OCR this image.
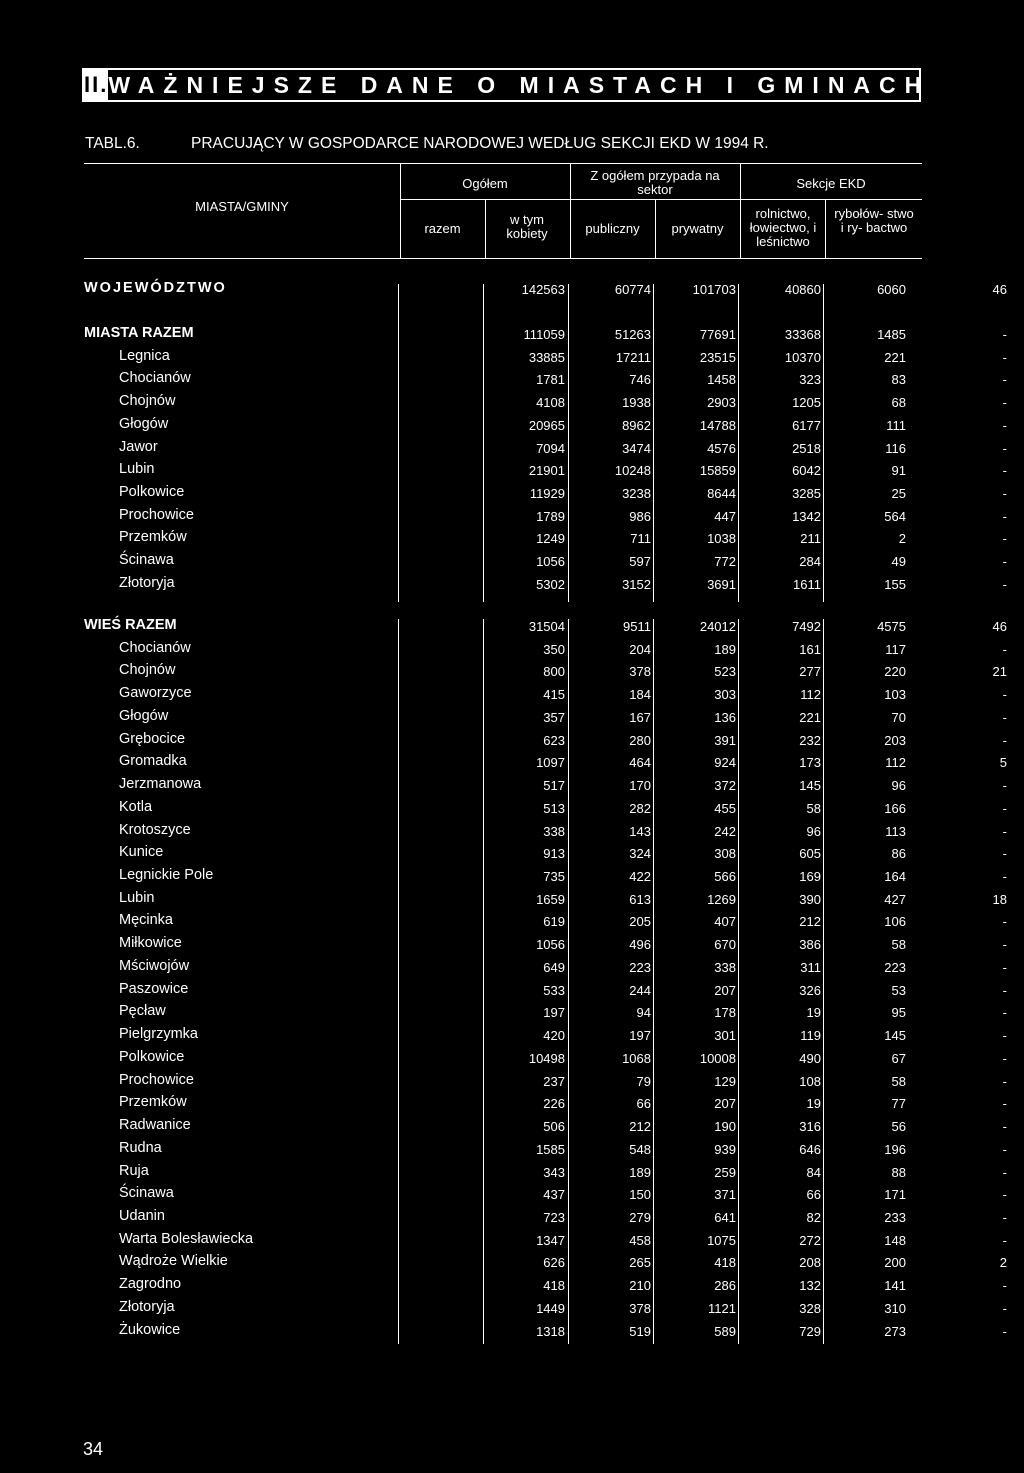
II. WAŻNIEJSZE DANE O MIASTACH I GMINACH
TABL.6.	PRACUJĄCY W GOSPODARCE NARODOWEJ WEDŁUG SEKCJI EKD W 1994 R.
MIASTA/GMINY
Ogółem
razem
w tym kobiety
Z ogółem przypada na sektor
publiczny	prywatny
Sekcje EKD
rolnictwo, łowiectwo, i leśnictwo
rybołów- stwo i ry- bactwo
WOJEWÓDZTWO	142563	60774	101703	40860	6060	46
MIASTA RAZEM	111059	51263	77691	33368	1485	-
Legnica	33885	17211	23515	10370	221	-
Chocianów	1781	746	1458	323	83	-
Chojnów	4108	1938	2903	1205	68	-
Głogów	20965	8962	14788	6177	111	-
Jawor	7094	3474	4576	2518	116	-
Lubin	21901	10248	15859	6042	91	-
Polkowice	11929	3238	8644	3285	25	-
Prochowice	1789	986	447	1342	564	-
Przemków	1249	711	1038	211	2	-
Ścinawa	1056	597	772	284	49	-
Złotoryja	5302	3152	3691	1611	155	-
WIEŚ RAZEM	31504	9511	24012	7492	4575	46
Chocianów	350	204	189	161	117	-
Chojnów	800	378	523	277	220	21
Gaworzyce	415	184	303	112	103	-
Głogów	357	167	136	221	70	-
Grębocice	623	280	391	232	203	-
Gromadka	1097	464	924	173	112	5
Jerzmanowa	517	170	372	145	96	-
Kotla	513	282	455	58	166	-
Krotoszyce	338	143	242	96	113	-
Kunice	913	324	308	605	86	-
Legnickie Pole	735	422	566	169	164	-
Lubin	1659	613	1269	390	427	18
Męcinka	619	205	407	212	106	-
Miłkowice	1056	496	670	386	58	-
Mściwojów	649	223	338	311	223	-
Paszowice	533	244	207	326	53	-
Pęcław	197	94	178	19	95	-
Pielgrzymka	420	197	301	119	145	-
Polkowice	10498	1068	10008	490	67	-
Prochowice	237	79	129	108	58	-
Przemków	226	66	207	19	77	-
Radwanice	506	212	190	316	56	-
Rudna	1585	548	939	646	196	-
Ruja	343	189	259	84	88	-
Ścinawa	437	150	371	66	171	-
Udanin	723	279	641	82	233	-
Warta Bolesławiecka	1347	458	1075	272	148	-
Wądroże Wielkie	626	265	418	208	200	2
Zagrodno	418	210	286	132	141	-
Złotoryja	1449	378	1121	328	310	-
Żukowice	1318	519	589	729	273	-
34
